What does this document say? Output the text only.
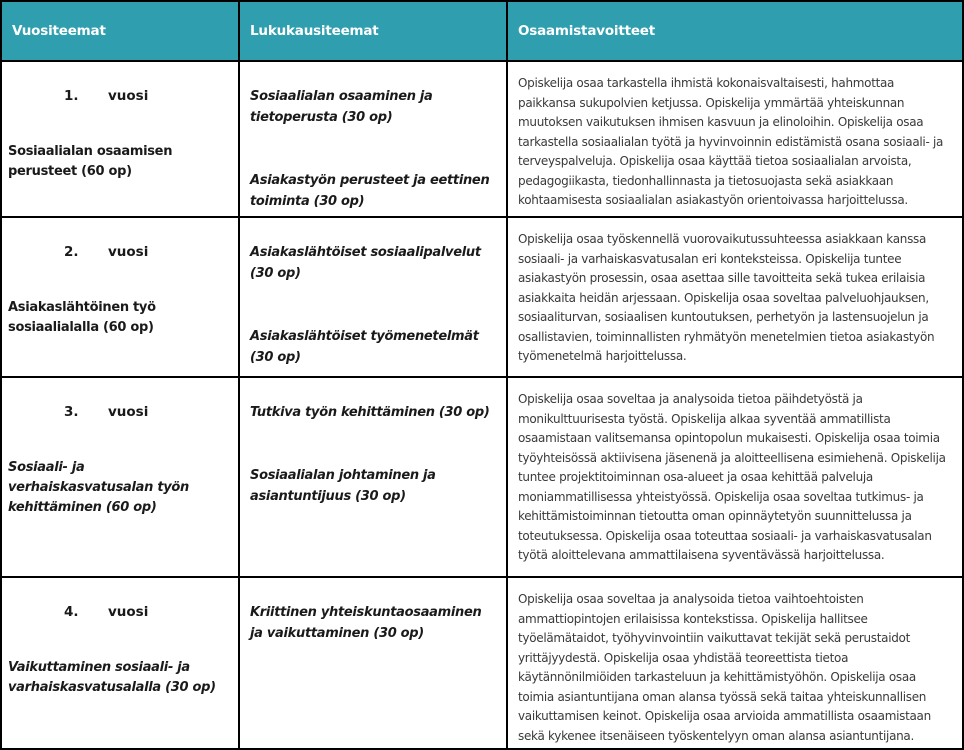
Vuositeemat	Lukukausiteemat	Osaamistavoitteet
1. vuosi
Sosiaalialan osaamisen perusteet (60 op)
Sosiaalialan osaaminen ja tietoperusta (30 op)
Asiakastyön perusteet ja eettinen toiminta (30 op)

Opiskelija osaa tarkastella ihmistä kokonaisvaltaisesti, hahmottaa paikkansa sukupolvien ketjussa. Opiskelija ymmärtää yhteiskunnan muutoksen vaikutuksen ihmisen kasvuun ja elinoloihin. Opiskelija osaa tarkastella sosiaalialan työtä ja hyvinvoinnin edistämistä osana sosiaali- ja terveyspalveluja. Opiskelija osaa käyttää tietoa sosiaalialan arvoista, pedagogiikasta, tiedonhallinnasta ja tietosuojasta sekä asiakkaan kohtaamisesta sosiaalialan asiakastyön orientoivassa harjoittelussa.

2. vuosi
Asiakaslähtöinen työ sosiaalialalla (60 op)
Asiakaslähtöiset sosiaalipalvelut (30 op)
Asiakaslähtöiset työmenetelmät (30 op)

Opiskelija osaa työskennellä vuorovaikutussuhteessa asiakkaan kanssa sosiaali- ja varhaiskasvatusalan eri konteksteissa. Opiskelija tuntee asiakastyön prosessin, osaa asettaa sille tavoitteita sekä tukea erilaisia asiakkaita heidän arjessaan. Opiskelija osaa soveltaa palveluohjauksen, sosiaaliturvan, sosiaalisen kuntoutuksen, perhetyön ja lastensuojelun ja osallistavien, toiminnallisten ryhmätyön menetelmien tietoa asiakastyön työmenetelmä harjoittelussa.

3. vuosi
Sosiaali- ja verhaiskasvatusalan työn kehittäminen (60 op)
Tutkiva työn kehittäminen (30 op)
Sosiaalialan johtaminen ja asiantuntijuus (30 op)

Opiskelija osaa soveltaa ja analysoida tietoa päihdetyöstä ja monikulttuurisesta työstä. Opiskelija alkaa syventää ammatillista osaamistaan valitsemansa opintopolun mukaisesti. Opiskelija osaa toimia työyhteisössä aktiivisena jäsenenä ja aloitteellisena esimiehenä. Opiskelija tuntee projektitoiminnan osa-alueet ja osaa kehittää palveluja moniammatillisessa yhteistyössä. Opiskelija osaa soveltaa tutkimus- ja kehittämistoiminnan tietoutta oman opinnäytetyön suunnittelussa ja toteutuksessa. Opiskelija osaa toteuttaa sosiaali- ja varhaiskasvatusalan työtä aloittelevana ammattilaisena syventävässä harjoittelussa.

4. vuosi
Vaikuttaminen sosiaali- ja varhaiskasvatusalalla (30 op)
Kriittinen yhteiskuntaosaaminen ja vaikuttaminen (30 op)

Opiskelija osaa soveltaa ja analysoida tietoa vaihtoehtoisten ammattiopintojen erilaisissa kontekstissa. Opiskelija hallitsee työelämätaidot, työhyvinvointiin vaikuttavat tekijät sekä perustaidot yrittäjyydestä. Opiskelija osaa yhdistää teoreettista tietoa käytännönilmiöiden tarkasteluun ja kehittämistyöhön. Opiskelija osaa toimia asiantuntijana oman alansa työssä sekä taitaa yhteiskunnallisen vaikuttamisen keinot. Opiskelija osaa arvioida ammatillista osaamistaan sekä kykenee itsenäiseen työskentelyyn oman alansa asiantuntijana.
